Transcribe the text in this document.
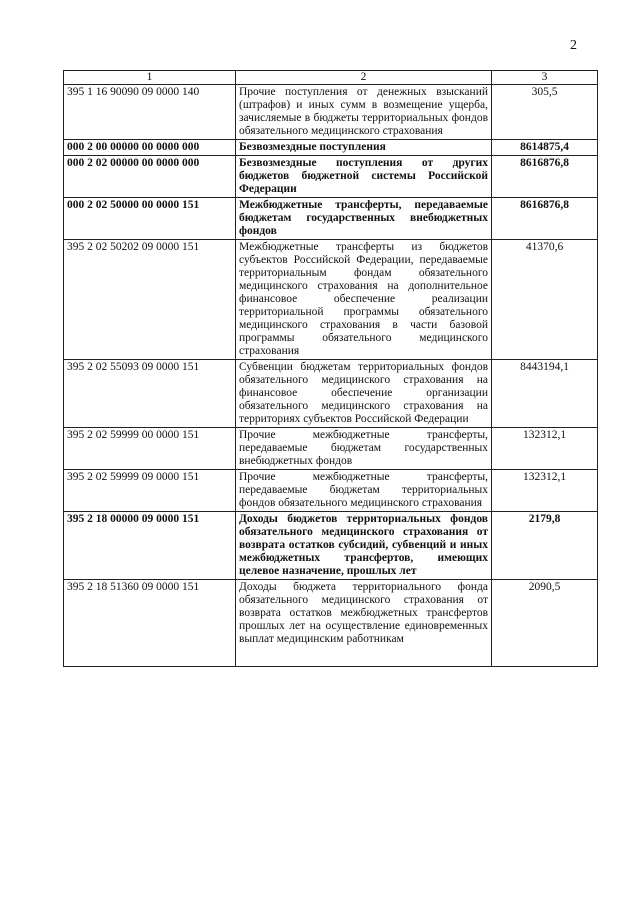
2
1	2	3
395 1 16 90090 09 0000 140	Прочие поступления от денежных взысканий (штрафов) и иных сумм в возмещение ущерба, зачисляемые в бюджеты территориальных фондов обязательного медицинского страхования	305,5
000 2 00 00000 00 0000 000	Безвозмездные поступления	8614875,4
000 2 02 00000 00 0000 000	Безвозмездные поступления от других бюджетов бюджетной системы Российской Федерации	8616876,8
000 2 02 50000 00 0000 151	Межбюджетные трансферты, передаваемые бюджетам государственных внебюджетных фондов	8616876,8
395 2 02 50202 09 0000 151	Межбюджетные трансферты из бюджетов субъектов Российской Федерации, передаваемые территориальным фондам обязательного медицинского страхования на дополнительное финансовое обеспечение реализации территориальной программы обязательного медицинского страхования в части базовой программы обязательного медицинского страхования	41370,6
395 2 02 55093 09 0000 151	Субвенции бюджетам территориальных фондов обязательного медицинского страхования на финансовое обеспечение организации обязательного медицинского страхования на территориях субъектов Российской Федерации	8443194,1
395 2 02 59999 00 0000 151	Прочие межбюджетные трансферты, передаваемые бюджетам государственных внебюджетных фондов	132312,1
395 2 02 59999 09 0000 151	Прочие межбюджетные трансферты, передаваемые бюджетам территориальных фондов обязательного медицинского страхования	132312,1
395 2 18 00000 09 0000 151	Доходы бюджетов территориальных фондов обязательного медицинского страхования от возврата остатков субсидий, субвенций и иных межбюджетных трансфертов, имеющих целевое назначение, прошлых лет	2179,8
395 2 18 51360 09 0000 151	Доходы бюджета территориального фонда обязательного медицинского страхования от возврата остатков межбюджетных трансфертов прошлых лет на осуществление единовременных выплат медицинским работникам	2090,5
